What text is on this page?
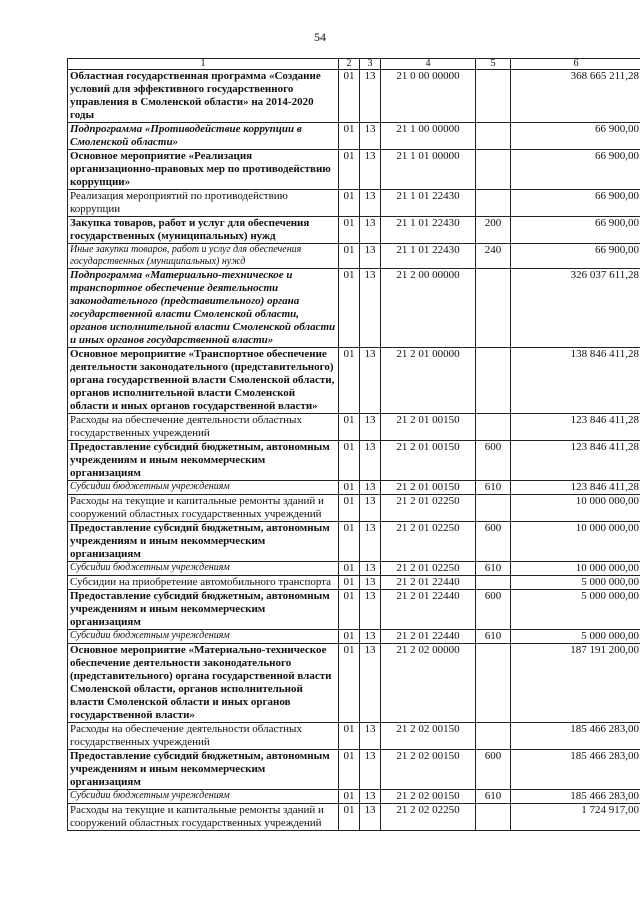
54
1	2	3	4	5	6
Областная государственная программа «Создание условий для эффективного государственного управления в Смоленской области» на 2014-2020 годы	01	13	21 0 00 00000		368 665 211,28
Подпрограмма «Противодействие коррупции в Смоленской области»	01	13	21 1 00 00000		66 900,00
Основное мероприятие «Реализация организационно-правовых мер по противодействию коррупции»	01	13	21 1 01 00000		66 900,00
Реализация мероприятий по противодействию коррупции	01	13	21 1 01 22430		66 900,00
Закупка товаров, работ и услуг для обеспечения государственных (муниципальных) нужд	01	13	21 1 01 22430	200	66 900,00
Иные закупки товаров, работ и услуг для обеспечения государственных (муниципальных) нужд	01	13	21 1 01 22430	240	66 900,00
Подпрограмма «Материально-техническое и транспортное обеспечение деятельности законодательного (представительного) органа государственной власти Смоленской области, органов исполнительной власти Смоленской области и иных органов государственной власти»	01	13	21 2 00 00000		326 037 611,28
Основное мероприятие «Транспортное обеспечение деятельности законодательного (представительного) органа государственной власти Смоленской области, органов исполнительной власти Смоленской области и иных органов государственной власти»	01	13	21 2 01 00000		138 846 411,28
Расходы на обеспечение деятельности областных государственных учреждений	01	13	21 2 01 00150		123 846 411,28
Предоставление субсидий бюджетным, автономным учреждениям и иным некоммерческим организациям	01	13	21 2 01 00150	600	123 846 411,28
Субсидии бюджетным учреждениям	01	13	21 2 01 00150	610	123 846 411,28
Расходы на текущие и капитальные ремонты зданий и сооружений областных государственных учреждений	01	13	21 2 01 02250		10 000 000,00
Предоставление субсидий бюджетным, автономным учреждениям и иным некоммерческим организациям	01	13	21 2 01 02250	600	10 000 000,00
Субсидии бюджетным учреждениям	01	13	21 2 01 02250	610	10 000 000,00
Субсидии на приобретение автомобильного транспорта	01	13	21 2 01 22440		5 000 000,00
Предоставление субсидий бюджетным, автономным учреждениям и иным некоммерческим организациям	01	13	21 2 01 22440	600	5 000 000,00
Субсидии бюджетным учреждениям	01	13	21 2 01 22440	610	5 000 000,00
Основное мероприятие «Материально-техническое обеспечение деятельности законодательного (представительного) органа государственной власти Смоленской области, органов исполнительной власти Смоленской области и иных органов государственной власти»	01	13	21 2 02 00000		187 191 200,00
Расходы на обеспечение деятельности областных государственных учреждений	01	13	21 2 02 00150		185 466 283,00
Предоставление субсидий бюджетным, автономным учреждениям и иным некоммерческим организациям	01	13	21 2 02 00150	600	185 466 283,00
Субсидии бюджетным учреждениям	01	13	21 2 02 00150	610	185 466 283,00
Расходы на текущие и капитальные ремонты зданий и сооружений областных государственных учреждений	01	13	21 2 02 02250		1 724 917,00
